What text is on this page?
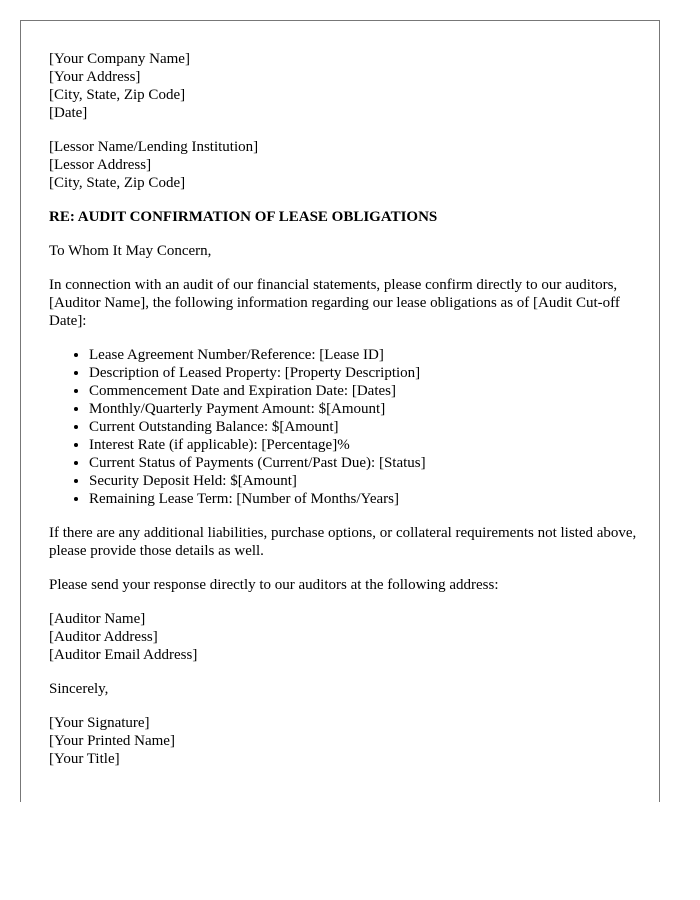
[Your Company Name]
[Your Address]
[City, State, Zip Code]
[Date]
[Lessor Name/Lending Institution]
[Lessor Address]
[City, State, Zip Code]
RE: AUDIT CONFIRMATION OF LEASE OBLIGATIONS

To Whom It May Concern,

In connection with an audit of our financial statements, please confirm directly to our auditors, [Auditor Name], the following information regarding our lease obligations as of [Audit Cut-off Date]:

• Lease Agreement Number/Reference: [Lease ID]
• Description of Leased Property: [Property Description]
• Commencement Date and Expiration Date: [Dates]
• Monthly/Quarterly Payment Amount: $[Amount]
• Current Outstanding Balance: $[Amount]
• Interest Rate (if applicable): [Percentage]%
• Current Status of Payments (Current/Past Due): [Status]
• Security Deposit Held: $[Amount]
• Remaining Lease Term: [Number of Months/Years]

If there are any additional liabilities, purchase options, or collateral requirements not listed above, please provide those details as well.

Please send your response directly to our auditors at the following address:

[Auditor Name]
[Auditor Address]
[Auditor Email Address]

Sincerely,

[Your Signature]
[Your Printed Name]
[Your Title]
